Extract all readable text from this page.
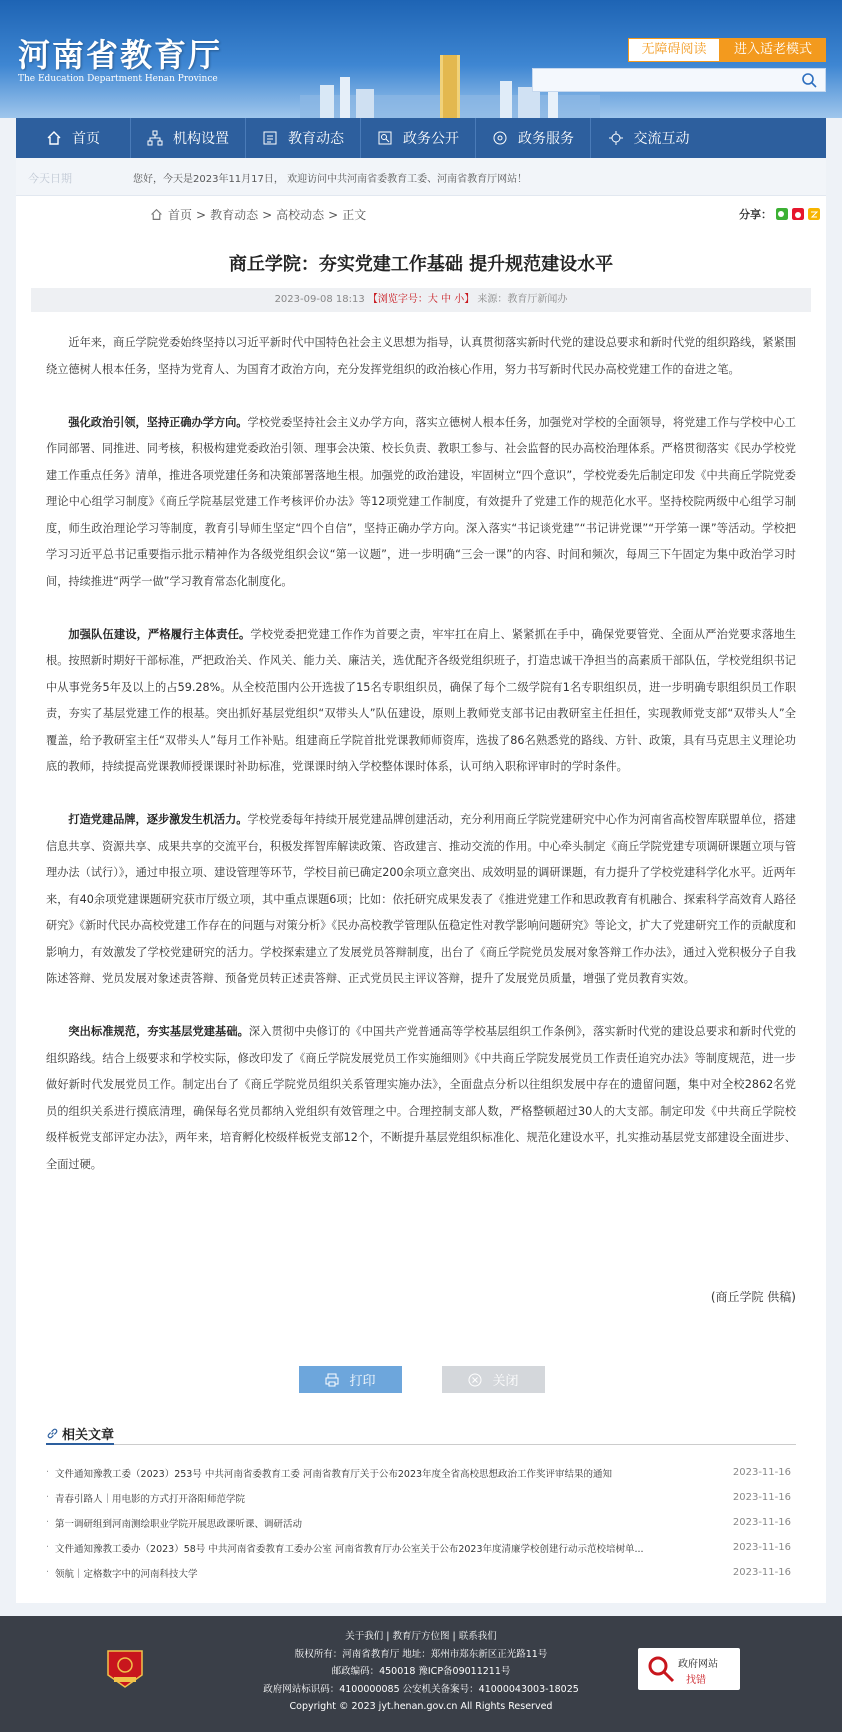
河南省教育厅
The Education Department Henan Province
无障碍阅读	进入适老模式
首页	机构设置	教育动态	政务公开	政务服务	交流互动
今天日期	您好，今天是2023年11月17日， 欢迎访问中共河南省委教育工委、河南省教育厅网站！
首页 > 教育动态 > 高校动态 > 正文	分享：
商丘学院：夯实党建工作基础 提升规范建设水平
2023-09-08 18:13 【浏览字号：大 中 小】 来源：教育厅新闻办

近年来，商丘学院党委始终坚持以习近平新时代中国特色社会主义思想为指导，认真贯彻落实新时代党的建设总要求和新时代党的组织路线，紧紧围绕立德树人根本任务，坚持为党育人、为国育才政治方向，充分发挥党组织的政治核心作用，努力书写新时代民办高校党建工作的奋进之笔。

强化政治引领，坚持正确办学方向。学校党委坚持社会主义办学方向，落实立德树人根本任务，加强党对学校的全面领导，将党建工作与学校中心工作同部署、同推进、同考核，积极构建党委政治引领、理事会决策、校长负责、教职工参与、社会监督的民办高校治理体系。严格贯彻落实《民办学校党建工作重点任务》清单，推进各项党建任务和决策部署落地生根。加强党的政治建设，牢固树立“四个意识”，学校党委先后制定印发《中共商丘学院党委理论中心组学习制度》《商丘学院基层党建工作考核评价办法》等12项党建工作制度，有效提升了党建工作的规范化水平。坚持校院两级中心组学习制度，师生政治理论学习等制度，教育引导师生坚定“四个自信”，坚持正确办学方向。深入落实“书记谈党建”“书记讲党课”“开学第一课”等活动。学校把学习习近平总书记重要指示批示精神作为各级党组织会议“第一议题”，进一步明确“三会一课”的内容、时间和频次，每周三下午固定为集中政治学习时间，持续推进“两学一做”学习教育常态化制度化。

加强队伍建设，严格履行主体责任。学校党委把党建工作作为首要之责，牢牢扛在肩上、紧紧抓在手中，确保党要管党、全面从严治党要求落地生根。按照新时期好干部标准，严把政治关、作风关、能力关、廉洁关，选优配齐各级党组织班子，打造忠诚干净担当的高素质干部队伍，学校党组织书记中从事党务5年及以上的占59.28%。从全校范围内公开选拔了15名专职组织员，确保了每个二级学院有1名专职组织员，进一步明确专职组织员工作职责，夯实了基层党建工作的根基。突出抓好基层党组织“双带头人”队伍建设，原则上教师党支部书记由教研室主任担任，实现教师党支部“双带头人”全覆盖，给予教研室主任“双带头人”每月工作补贴。组建商丘学院首批党课教师师资库，选拔了86名熟悉党的路线、方针、政策，具有马克思主义理论功底的教师，持续提高党课教师授课课时补助标准，党课课时纳入学校整体课时体系，认可纳入职称评审时的学时条件。

打造党建品牌，逐步激发生机活力。学校党委每年持续开展党建品牌创建活动，充分利用商丘学院党建研究中心作为河南省高校智库联盟单位，搭建信息共享、资源共享、成果共享的交流平台，积极发挥智库解读政策、咨政建言、推动交流的作用。中心牵头制定《商丘学院党建专项调研课题立项与管理办法（试行）》，通过申报立项、建设管理等环节，学校目前已确定200余项立意突出、成效明显的调研课题，有力提升了学校党建科学化水平。近两年来，有40余项党建课题研究获市厅级立项，其中重点课题6项；比如：依托研究成果发表了《推进党建工作和思政教育有机融合、探索科学高效育人路径研究》《新时代民办高校党建工作存在的问题与对策分析》《民办高校教学管理队伍稳定性对教学影响问题研究》等论文，扩大了党建研究工作的贡献度和影响力，有效激发了学校党建研究的活力。学校探索建立了发展党员答辩制度，出台了《商丘学院党员发展对象答辩工作办法》，通过入党积极分子自我陈述答辩、党员发展对象述责答辩、预备党员转正述责答辩、正式党员民主评议答辩，提升了发展党员质量，增强了党员教育实效。

突出标准规范，夯实基层党建基础。深入贯彻中央修订的《中国共产党普通高等学校基层组织工作条例》，落实新时代党的建设总要求和新时代党的组织路线。结合上级要求和学校实际，修改印发了《商丘学院发展党员工作实施细则》《中共商丘学院发展党员工作责任追究办法》等制度规范，进一步做好新时代发展党员工作。制定出台了《商丘学院党员组织关系管理实施办法》，全面盘点分析以往组织发展中存在的遗留问题，集中对全校2862名党员的组织关系进行摸底清理，确保每名党员都纳入党组织有效管理之中。合理控制支部人数，严格整顿超过30人的大支部。制定印发《中共商丘学院校级样板党支部评定办法》，两年来，培育孵化校级样板党支部12个，不断提升基层党组织标准化、规范化建设水平，扎实推动基层党支部建设全面进步、全面过硬。

(商丘学院 供稿)
打印	关闭
相关文章
· 文件通知豫教工委（2023）253号 中共河南省委教育工委 河南省教育厅关于公布2023年度全省高校思想政治工作奖评审结果的通知	2023-11-16
· 青春引路人｜用电影的方式打开洛阳师范学院	2023-11-16
· 第一调研组到河南测绘职业学院开展思政课听课、调研活动	2023-11-16
· 文件通知豫教工委办（2023）58号 中共河南省委教育工委办公室 河南省教育厅办公室关于公布2023年度清廉学校创建行动示范校培树单...	2023-11-16
· 领航｜定格数字中的河南科技大学	2023-11-16
关于我们 | 教育厅方位图 | 联系我们
版权所有：河南省教育厅 地址：郑州市郑东新区正光路11号
邮政编码：450018 豫ICP备09011211号
政府网站标识码：4100000085 公安机关备案号：41000043003-18025
Copyright © 2023 jyt.henan.gov.cn All Rights Reserved
政府网站
找错
